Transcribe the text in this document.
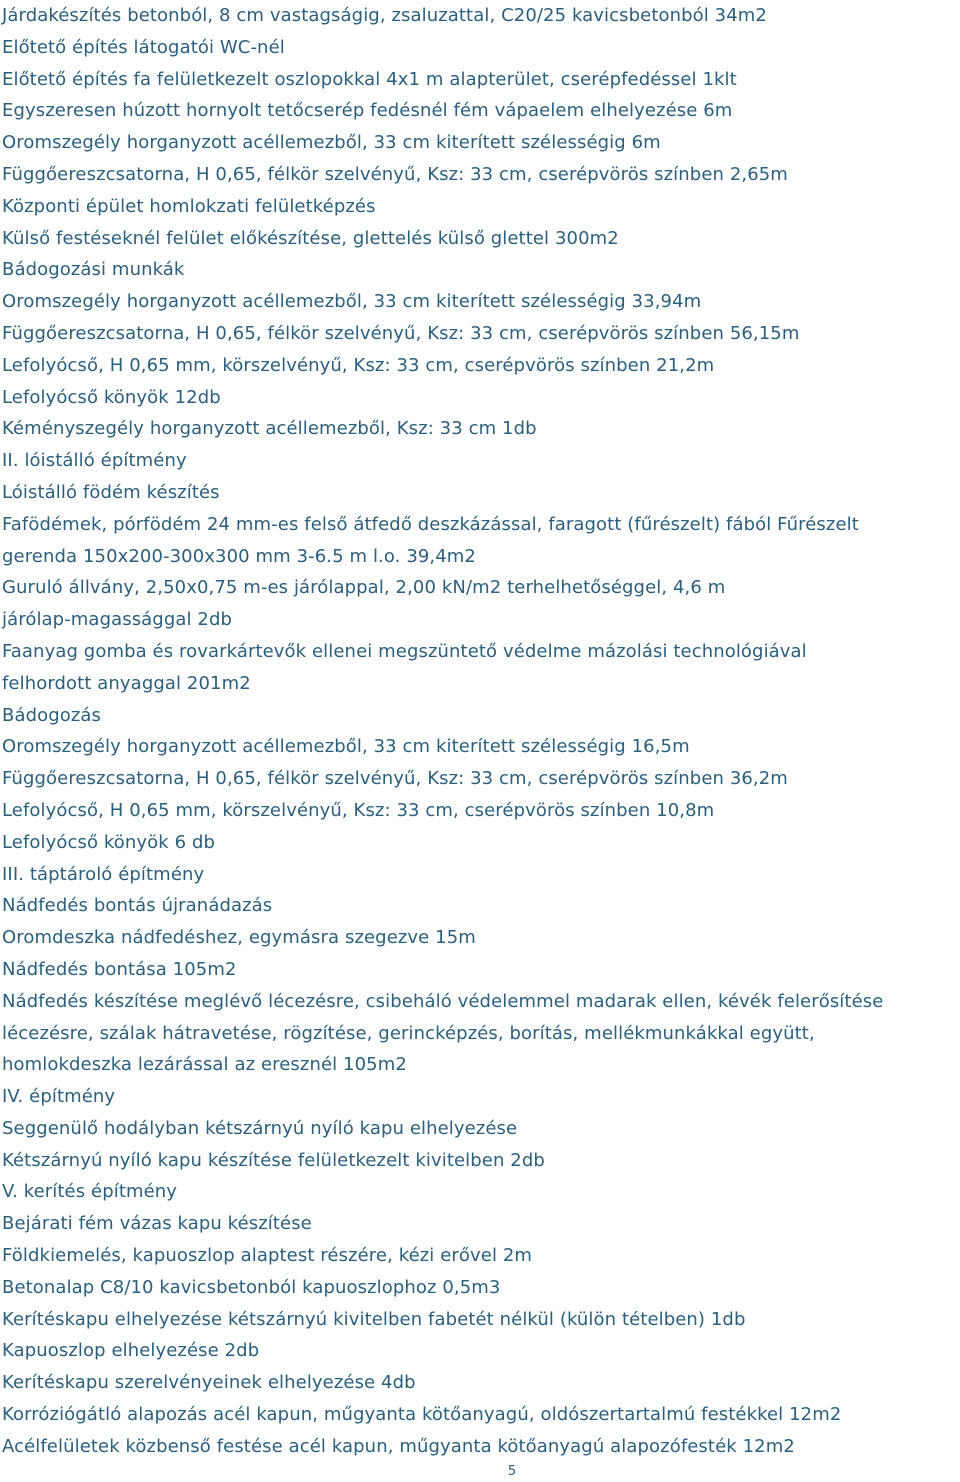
Járdakészítés betonból, 8 cm vastagságig, zsaluzattal, C20/25 kavicsbetonból 34m2
Előtető építés látogatói WC-nél
Előtető építés fa felületkezelt oszlopokkal 4x1 m alapterület, cserépfedéssel 1klt
Egyszeresen húzott hornyolt tetőcserép fedésnél fém vápaelem elhelyezése 6m
Oromszegély horganyzott acéllemezből, 33 cm kiterített szélességig 6m
Függőereszcsatorna, H 0,65, félkör szelvényű, Ksz: 33 cm, cserépvörös színben 2,65m
Központi épület homlokzati felületképzés
Külső festéseknél felület előkészítése, glettelés külső glettel 300m2
Bádogozási munkák
Oromszegély horganyzott acéllemezből, 33 cm kiterített szélességig 33,94m
Függőereszcsatorna, H 0,65, félkör szelvényű, Ksz: 33 cm, cserépvörös színben 56,15m
Lefolyócső, H 0,65 mm, körszelvényű, Ksz: 33 cm, cserépvörös színben 21,2m
Lefolyócső könyök 12db
Kéményszegély horganyzott acéllemezből, Ksz: 33 cm 1db
II. lóistálló építmény
Lóistálló födém készítés
Fafödémek, pórfödém 24 mm-es felső átfedő deszkázással, faragott (fűrészelt) fából Fűrészelt
gerenda 150x200-300x300 mm 3-6.5 m l.o. 39,4m2
Guruló állvány, 2,50x0,75 m-es járólappal, 2,00 kN/m2 terhelhetőséggel, 4,6 m
járólap-magassággal 2db
Faanyag gomba és rovarkártevők ellenei megszüntető védelme mázolási technológiával
felhordott anyaggal 201m2
Bádogozás
Oromszegély horganyzott acéllemezből, 33 cm kiterített szélességig 16,5m
Függőereszcsatorna, H 0,65, félkör szelvényű, Ksz: 33 cm, cserépvörös színben 36,2m
Lefolyócső, H 0,65 mm, körszelvényű, Ksz: 33 cm, cserépvörös színben 10,8m
Lefolyócső könyök 6 db
III. táptároló építmény
Nádfedés bontás újranádazás
Oromdeszka nádfedéshez, egymásra szegezve 15m
Nádfedés bontása 105m2
Nádfedés készítése meglévő lécezésre, csibeháló védelemmel madarak ellen, kévék felerősítése
lécezésre, szálak hátravetése, rögzítése, gerincképzés, borítás, mellékmunkákkal együtt,
homlokdeszka lezárással az eresznél 105m2
IV. építmény
Seggenülő hodályban kétszárnyú nyíló kapu elhelyezése
Kétszárnyú nyíló kapu készítése felületkezelt kivitelben 2db
V. kerítés építmény
Bejárati fém vázas kapu készítése
Földkiemelés, kapuoszlop alaptest részére, kézi erővel 2m
Betonalap C8/10 kavicsbetonból kapuoszlophoz 0,5m3
Kerítéskapu elhelyezése kétszárnyú kivitelben fabetét nélkül (külön tételben) 1db
Kapuoszlop elhelyezése 2db
Kerítéskapu szerelvényeinek elhelyezése 4db
Korróziógátló alapozás acél kapun, műgyanta kötőanyagú, oldószertartalmú festékkel 12m2
Acélfelületek közbenső festése acél kapun, műgyanta kötőanyagú alapozófesték 12m2
5
